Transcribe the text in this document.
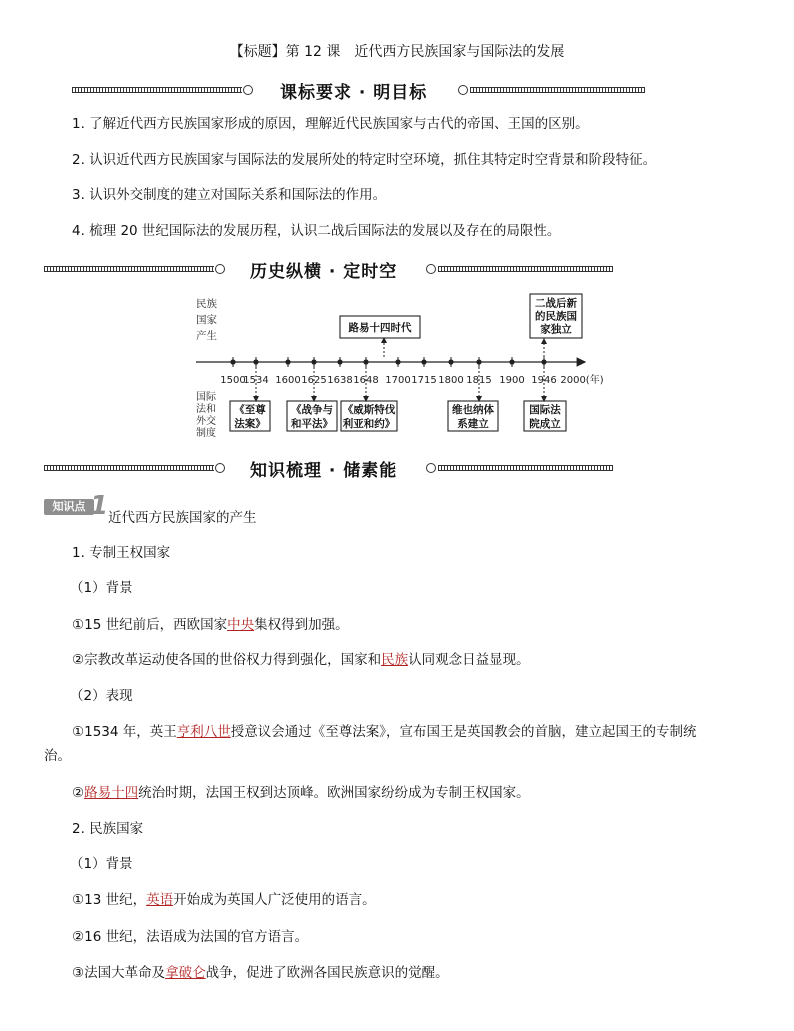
【标题】第 12 课　近代西方民族国家与国际法的发展
课标要求 · 明目标
1. 了解近代西方民族国家形成的原因，理解近代民族国家与古代的帝国、王国的区别。
2. 认识近代西方民族国家与国际法的发展所处的特定时空环境，抓住其特定时空背景和阶段特征。
3. 认识外交制度的建立对国际关系和国际法的作用。
4. 梳理 20 世纪国际法的发展历程，认识二战后国际法的发展以及存在的局限性。
历史纵横 · 定时空
民族
国家
产生
国际
法和
外交
制度
1500
1534 1600 1625 1638 1648 1700 1715 1800 1815 1900 1946 2000(年)
路易十四时代
二战后新
的民族国
家独立
《至尊
法案》
《战争与
和平法》
《威斯特伐
利亚和约》
维也纳体
系建立
国际法
院成立
知识梳理 · 储素能
知识点 1 近代西方民族国家的产生
1. 专制王权国家
（1）背景
①15 世纪前后，西欧国家中央集权得到加强。
②宗教改革运动使各国的世俗权力得到强化，国家和民族认同观念日益显现。
（2）表现
①1534 年，英王亨利八世授意议会通过《至尊法案》，宣布国王是英国教会的首脑，建立起国王的专制统
治。
②路易十四统治时期，法国王权到达顶峰。欧洲国家纷纷成为专制王权国家。
2. 民族国家
（1）背景
①13 世纪，英语开始成为英国人广泛使用的语言。
②16 世纪，法语成为法国的官方语言。
③法国大革命及拿破仑战争，促进了欧洲各国民族意识的觉醒。
